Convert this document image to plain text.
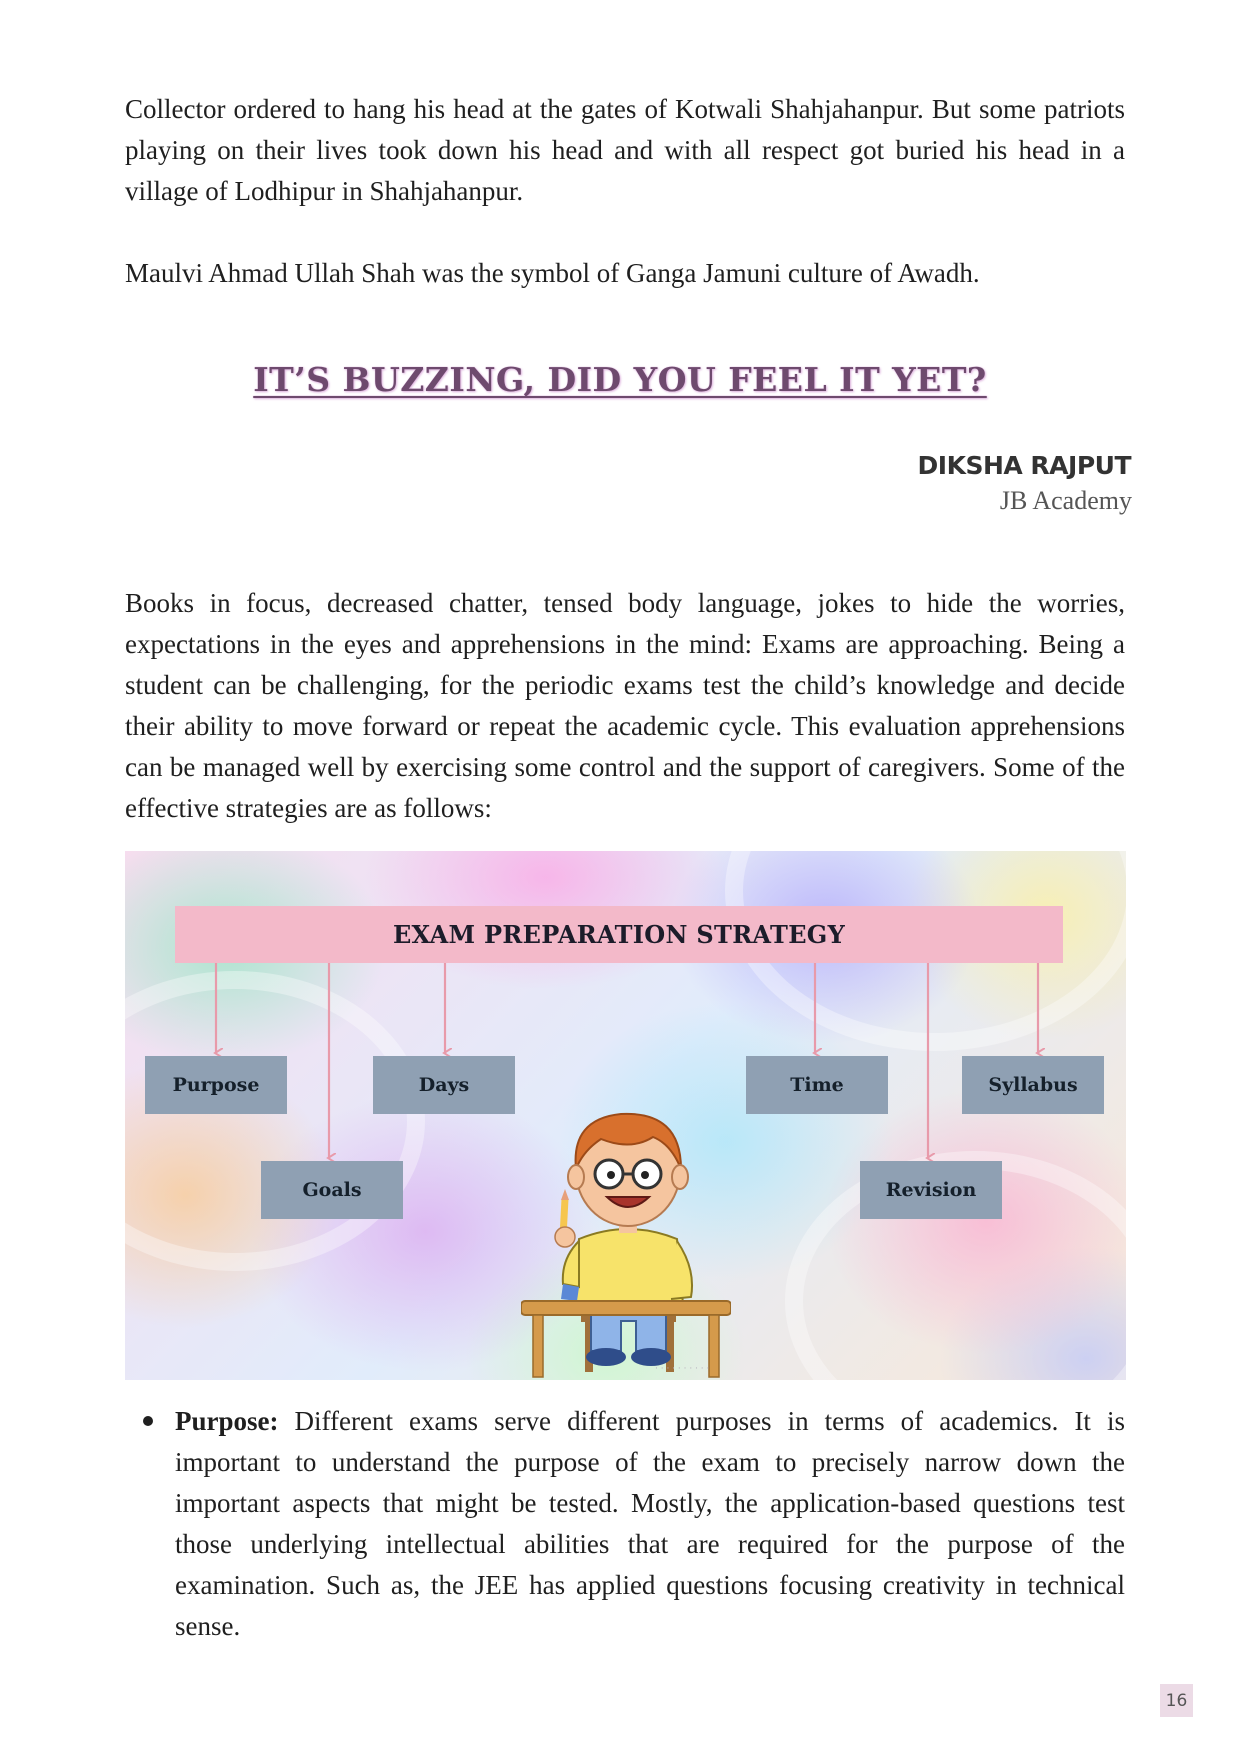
Collector ordered to hang his head at the gates of Kotwali Shahjahanpur. But some patriots playing on their lives took down his head and with all respect got buried his head in a village of Lodhipur in Shahjahanpur.

Maulvi Ahmad Ullah Shah was the symbol of Ganga Jamuni culture of Awadh.

IT’S BUZZING, DID YOU FEEL IT YET?
DIKSHA RAJPUT
JB Academy

Books in focus, decreased chatter, tensed body language, jokes to hide the worries, expectations in the eyes and apprehensions in the mind: Exams are approaching. Being a student can be challenging, for the periodic exams test the child’s knowledge and decide their ability to move forward or repeat the academic cycle. This evaluation apprehensions can be managed well by exercising some control and the support of caregivers. Some of the effective strategies are as follows:

EXAM PREPARATION STRATEGY
Purpose	Days	Time	Syllabus
Goals	Revision
· · · · · · · · · ·
Purpose: Different exams serve different purposes in terms of academics. It is important to understand the purpose of the exam to precisely narrow down the important aspects that might be tested. Mostly, the application-based questions test those underlying intellectual abilities that are required for the purpose of the examination. Such as, the JEE has applied questions focusing creativity in technical sense.
16
